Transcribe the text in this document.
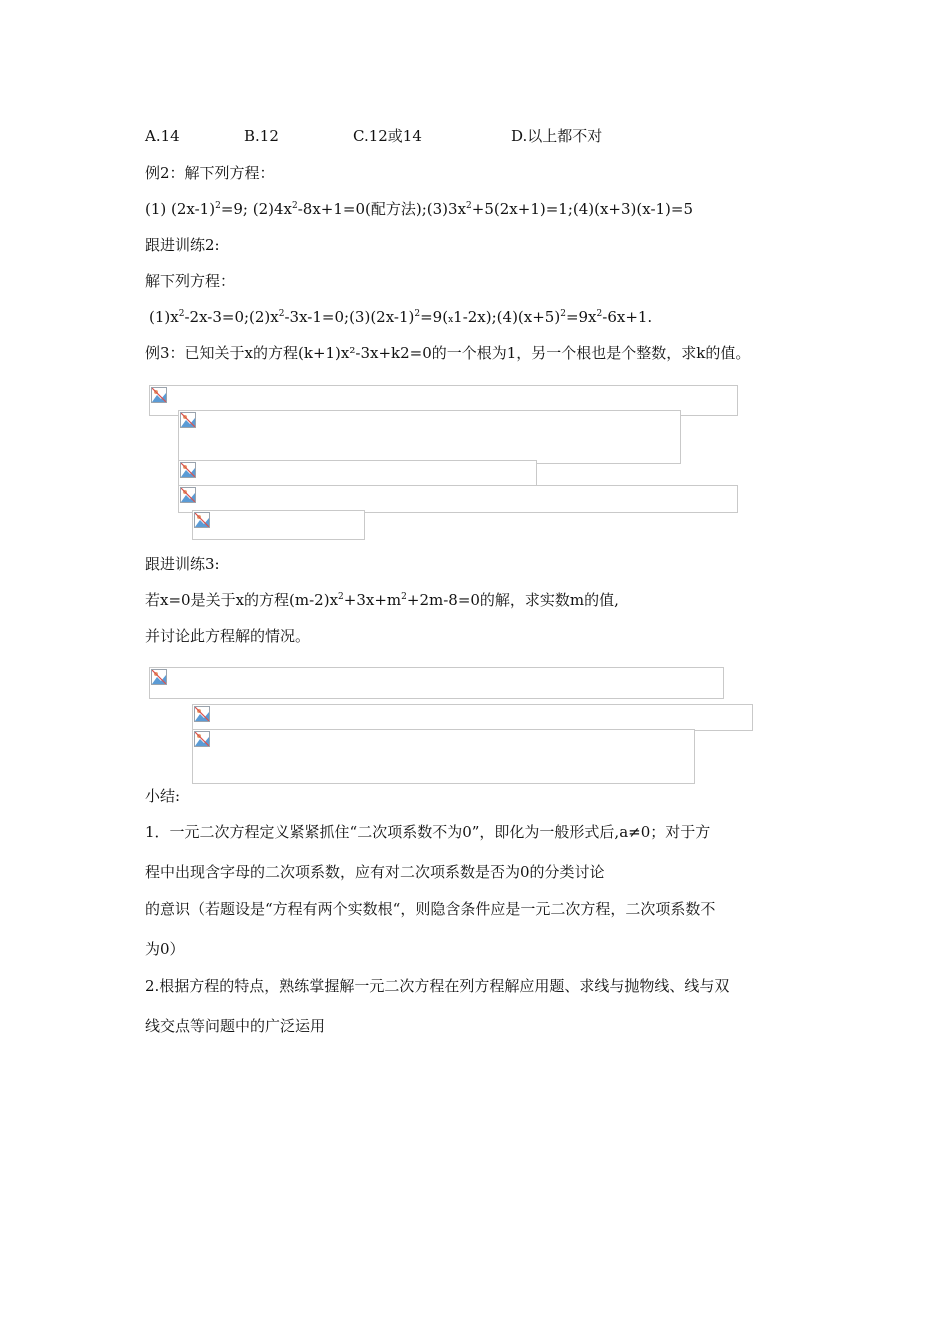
A.14	B.12	C.12或14	D.以上都不对
例2：解下列方程：
(1) $(2x-1)^2=9$; $(2)4x^2-8x+1=0$(配方法)$;(3)3x^2+5(2x+1)=1;(4)(x+3)(x-1)=5$
跟进训练2:
解下列方程：
$(1)x^2-2x-3=0;(2)x^2-3x-1=0;(3)(2x-1)^2=9(x1-2x);(4)(x+5)^2=9x^2-6x+1$.
例3：已知关于x的方程(k+1)x²-3x+k2=0的一个根为1，另一个根也是个整数，求k的值。
跟进训练3:
若x=0是关于x的方程$(m-2)x^2+3x+m^2+2m-8=0$的解，求实数m的值,
并讨论此方程解的情况。
小结:
1．一元二次方程定义紧紧抓住“二次项系数不为0”，即化为一般形式后,a≠0；对于方
程中出现含字母的二次项系数，应有对二次项系数是否为0的分类讨论
的意识（若题设是“方程有两个实数根“，则隐含条件应是一元二次方程，二次项系数不
为0）
2.根据方程的特点，熟练掌握解一元二次方程在列方程解应用题、求线与抛物线、线与双
线交点等问题中的广泛运用
